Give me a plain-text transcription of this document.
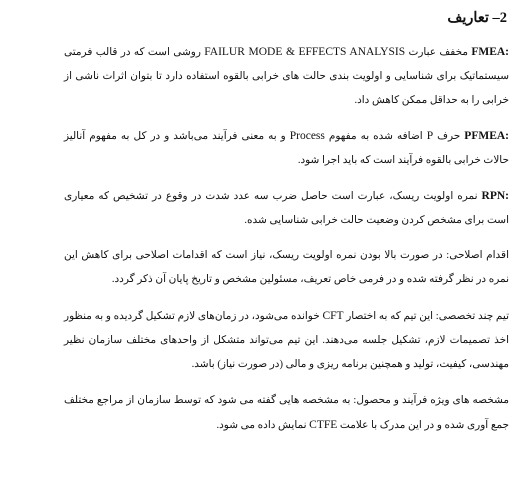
2– تعاریف
FMEA: مخفف عبارت FAILUR MODE & EFFECTS ANALYSIS روشی است که در قالب فرمتی سیستماتیک برای شناسایی و اولویت بندی حالت های خرابی بالقوه استفاده دارد تا بتوان اثرات ناشی از خرابی را به حداقل ممکن کاهش داد.
PFMEA: حرف P اضافه شده به مفهوم Process و به معنی فرآیند می‌باشد و در کل به مفهوم آنالیز حالات خرابی بالقوه فرآیند است که باید اجرا شود.
RPN: نمره اولویت ریسک، عبارت است حاصل ضرب سه عدد شدت در وقوع در تشخیص که معیاری است برای مشخص کردن وضعیت حالت خرابی شناسایی شده.
اقدام اصلاحی: در صورت بالا بودن نمره اولویت ریسک، نیاز است که اقدامات اصلاحی برای کاهش این نمره در نظر گرفته شده و در فرمی خاص تعریف، مسئولین مشخص و تاریخ پایان آن ذکر گردد.
تیم چند تخصصی: این تیم که به اختصار CFT خوانده می‌شود، در زمان‌های لازم تشکیل گردیده و به منظور اخذ تصمیمات لازم، تشکیل جلسه می‌دهند. این تیم می‌تواند متشکل از واحدهای مختلف سازمان نظیر مهندسی، کیفیت، تولید و همچنین برنامه ریزی و مالی (در صورت نیاز) باشد.
مشخصه های ویژه فرآیند و محصول: به مشخصه هایی گفته می شود که توسط سازمان از مراجع مختلف جمع آوری شده و در این مدرک با علامت CTFE نمایش داده می شود.
